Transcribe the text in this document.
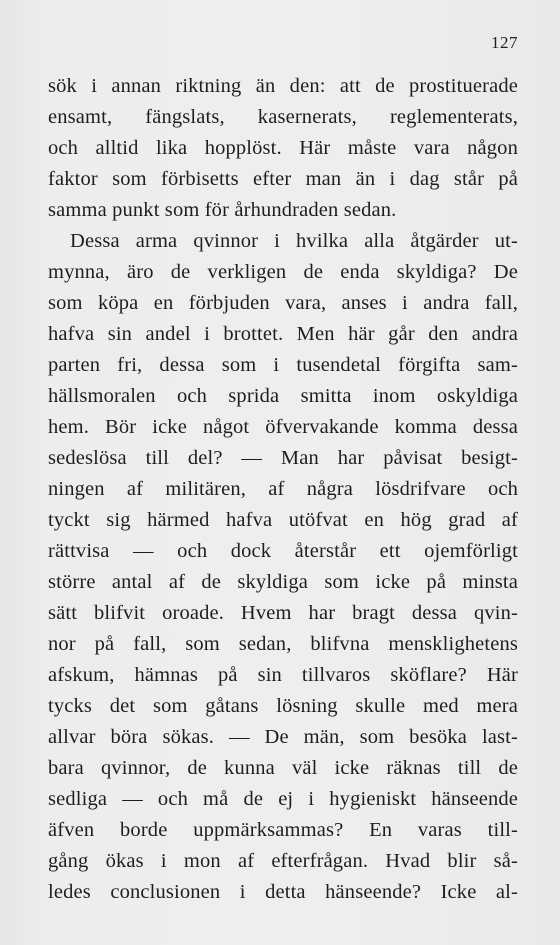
127
sök i annan riktning än den: att de prostituerade
ensamt, fängslats, kasernerats, reglementerats,
och alltid lika hopplöst. Här måste vara någon
faktor som förbisetts efter man än i dag står på
samma punkt som för århundraden sedan.
Dessa arma qvinnor i hvilka alla åtgärder ut-
mynna, äro de verkligen de enda skyldiga? De
som köpa en förbjuden vara, anses i andra fall,
hafva sin andel i brottet. Men här går den andra
parten fri, dessa som i tusendetal förgifta sam-
hällsmoralen och sprida smitta inom oskyldiga
hem. Bör icke något öfvervakande komma dessa
sedeslösa till del? — Man har påvisat besigt-
ningen af militären, af några lösdrifvare och
tyckt sig härmed hafva utöfvat en hög grad af
rättvisa — och dock återstår ett ojemförligt
större antal af de skyldiga som icke på minsta
sätt blifvit oroade. Hvem har bragt dessa qvin-
nor på fall, som sedan, blifvna mensklighetens
afskum, hämnas på sin tillvaros sköflare? Här
tycks det som gåtans lösning skulle med mera
allvar böra sökas. — De män, som besöka last-
bara qvinnor, de kunna väl icke räknas till de
sedliga — och må de ej i hygieniskt hänseende
äfven borde uppmärksammas? En varas till-
gång ökas i mon af efterfrågan. Hvad blir så-
ledes conclusionen i detta hänseende? Icke al-
